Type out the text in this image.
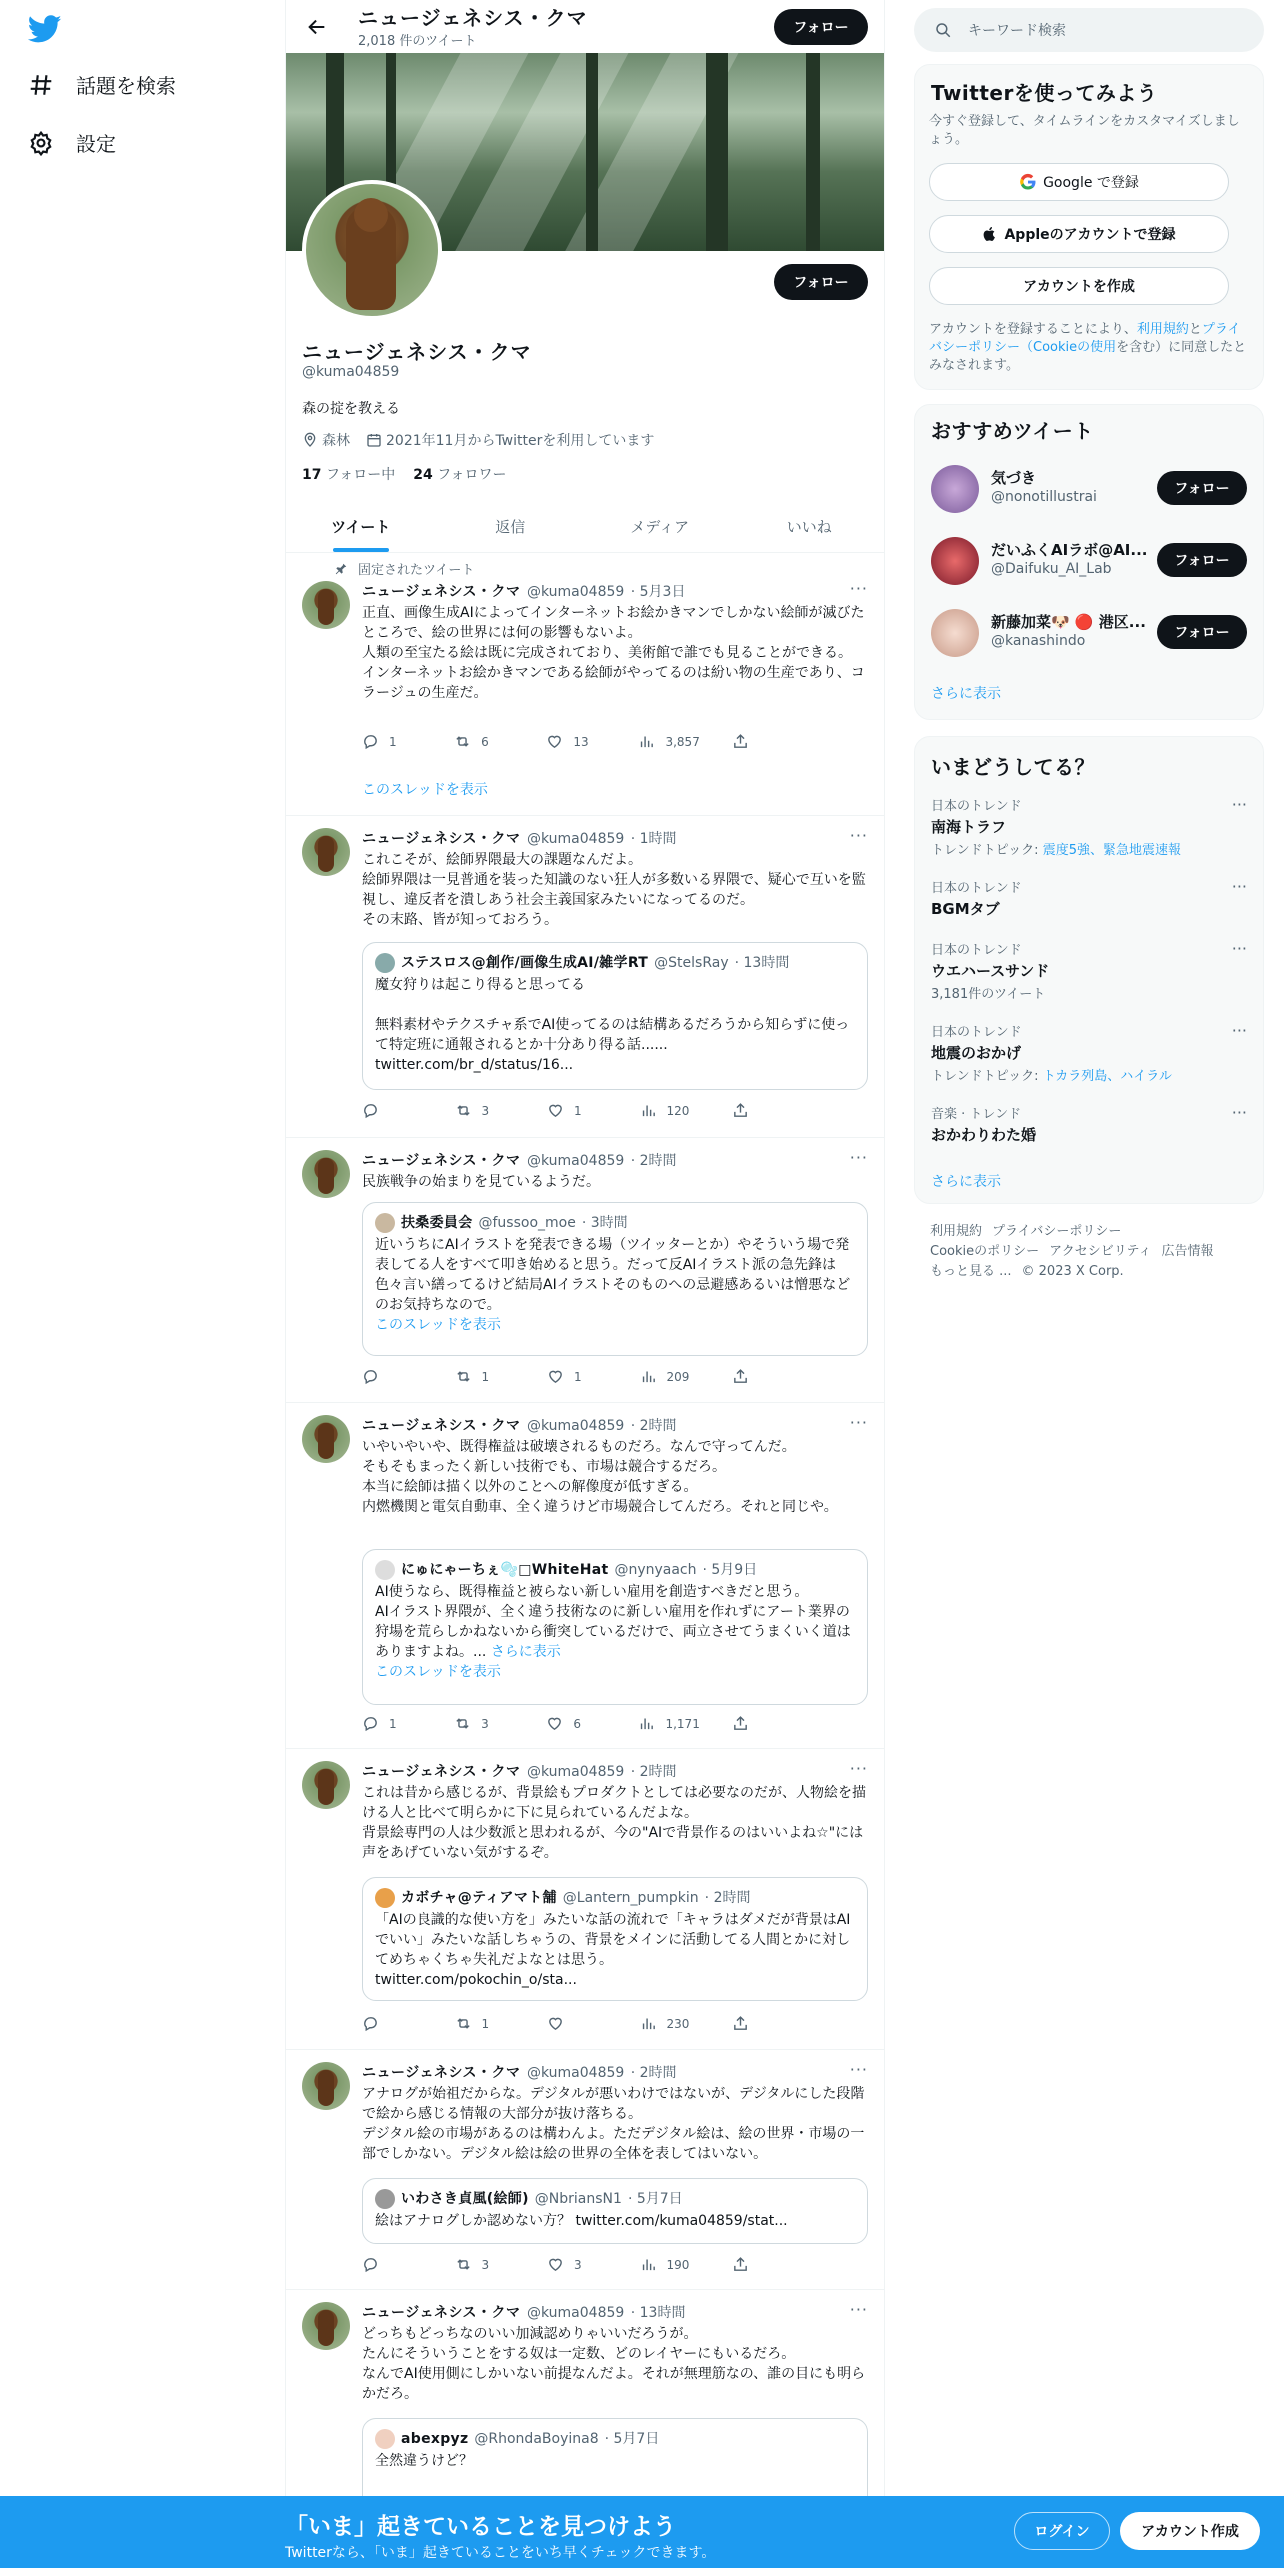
話題を検索
設定
ニュージェネシス・クマ
2,018 件のツイート
フォロー
フォロー
ニュージェネシス・クマ
@kuma04859
森の掟を教える
森林	2021年11月からTwitterを利用しています
17 フォロー中 24 フォロワー
ツイート	返信	メディア	いいね
固定されたツイート
ニュージェネシス・クマ @kuma04859 · 5月3日	···
正直、画像生成AIによってインターネットお絵かきマンでしかない絵師が滅びたところで、絵の世界には何の影響もないよ。
人類の至宝たる絵は既に完成されており、美術館で誰でも見ることができる。
インターネットお絵かきマンである絵師がやってるのは紛い物の生産であり、コラージュの生産だ。
1	6	13	3,857
このスレッドを表示
ニュージェネシス・クマ @kuma04859 · 1時間	···
これこそが、絵師界隈最大の課題なんだよ。
絵師界隈は一見普通を装った知識のない狂人が多数いる界隈で、疑心で互いを監視し、違反者を潰しあう社会主義国家みたいになってるのだ。
その末路、皆が知っておろう。
ステスロス@創作/画像生成AI/雑学RT @StelsRay · 13時間
魔女狩りは起こり得ると思ってる

無料素材やテクスチャ系でAI使ってるのは結構あるだろうから知らずに使って特定班に通報されるとか十分あり得る話......
twitter.com/br_d/status/16...
3	1	120
ニュージェネシス・クマ @kuma04859 · 2時間	···
民族戦争の始まりを見ているようだ。
扶桑委員会 @fussoo_moe · 3時間
近いうちにAIイラストを発表できる場（ツイッターとか）やそういう場で発表してる人をすべて叩き始めると思う。だって反AIイラスト派の急先鋒は色々言い繕ってるけど結局AIイラストそのものへの忌避感あるいは憎悪などのお気持ちなので。
このスレッドを表示
1	1	209
ニュージェネシス・クマ @kuma04859 · 2時間	···
いやいやいや、既得権益は破壊されるものだろ。なんで守ってんだ。
そもそもまったく新しい技術でも、市場は競合するだろ。
本当に絵師は描く以外のことへの解像度が低すぎる。
内燃機関と電気自動車、全く違うけど市場競合してんだろ。それと同じや。
にゅにゃーちぇ🫧□WhiteHat @nynyaach · 5月9日
AI使うなら、既得権益と被らない新しい雇用を創造すべきだと思う。
AIイラスト界隈が、全く違う技術なのに新しい雇用を作れずにアート業界の狩場を荒らしかねないから衝突しているだけで、両立させてうまくいく道はありますよね。... さらに表示
このスレッドを表示
1	3	6	1,171
ニュージェネシス・クマ @kuma04859 · 2時間	···
これは昔から感じるが、背景絵もプロダクトとしては必要なのだが、人物絵を描ける人と比べて明らかに下に見られているんだよな。
背景絵専門の人は少数派と思われるが、今の"AIで背景作るのはいいよね☆"には声をあげていない気がするぞ。
カボチャ@ティアマト舗 @Lantern_pumpkin · 2時間
「AIの良識的な使い方を」みたいな話の流れで「キャラはダメだが背景はAIでいい」みたいな話しちゃうの、背景をメインに活動してる人間とかに対してめちゃくちゃ失礼だよなとは思う。
twitter.com/pokochin_o/sta...
1	230
ニュージェネシス・クマ @kuma04859 · 2時間	···
アナログが始祖だからな。デジタルが悪いわけではないが、デジタルにした段階で絵から感じる情報の大部分が抜け落ちる。
デジタル絵の市場があるのは構わんよ。ただデジタル絵は、絵の世界・市場の一部でしかない。デジタル絵は絵の世界の全体を表してはいない。
いわさき貞風(絵師) @NbriansN1 · 5月7日
絵はアナログしか認めない方？ twitter.com/kuma04859/stat...
3	3	190
ニュージェネシス・クマ @kuma04859 · 13時間	···
どっちもどっちなのいい加減認めりゃいいだろうが。
たんにそういうことをする奴は一定数、どのレイヤーにもいるだろ。
なんでAI使用側にしかいない前提なんだよ。それが無理筋なの、誰の目にも明らかだろ。
abexpyz @RhondaBoyina8 · 5月7日
全然違うけど？
キーワード検索
Twitterを使ってみよう
今すぐ登録して、タイムラインをカスタマイズしましょう。
Google で登録
Appleのアカウントで登録
アカウントを作成
アカウントを登録することにより、利用規約とプライバシーポリシー（Cookieの使用を含む）に同意したとみなされます。
おすすめツイート
気づき
@nonotillustrai	フォロー
だいふくAIラボ@AI...
@Daifuku_AI_Lab	フォロー
新藤加菜🐶 🔴 港区...
@kanashindo	フォロー
さらに表示
いまどうしてる？
日本のトレンド
南海トラフ
トレンドトピック: 震度5強、緊急地震速報
···
日本のトレンド
BGMタブ
···
日本のトレンド
ウエハースサンド
3,181件のツイート
···
日本のトレンド
地震のおかげ
トレンドトピック: トカラ列島、ハイラル
···
音楽 · トレンド
おかわりわた婚
···
さらに表示
利用規約 プライバシーポリシー
Cookieのポリシー アクセシビリティ 広告情報
もっと見る ... © 2023 X Corp.
「いま」起きていることを見つけよう
Twitterなら、「いま」起きていることをいち早くチェックできます。
ログイン	アカウント作成
